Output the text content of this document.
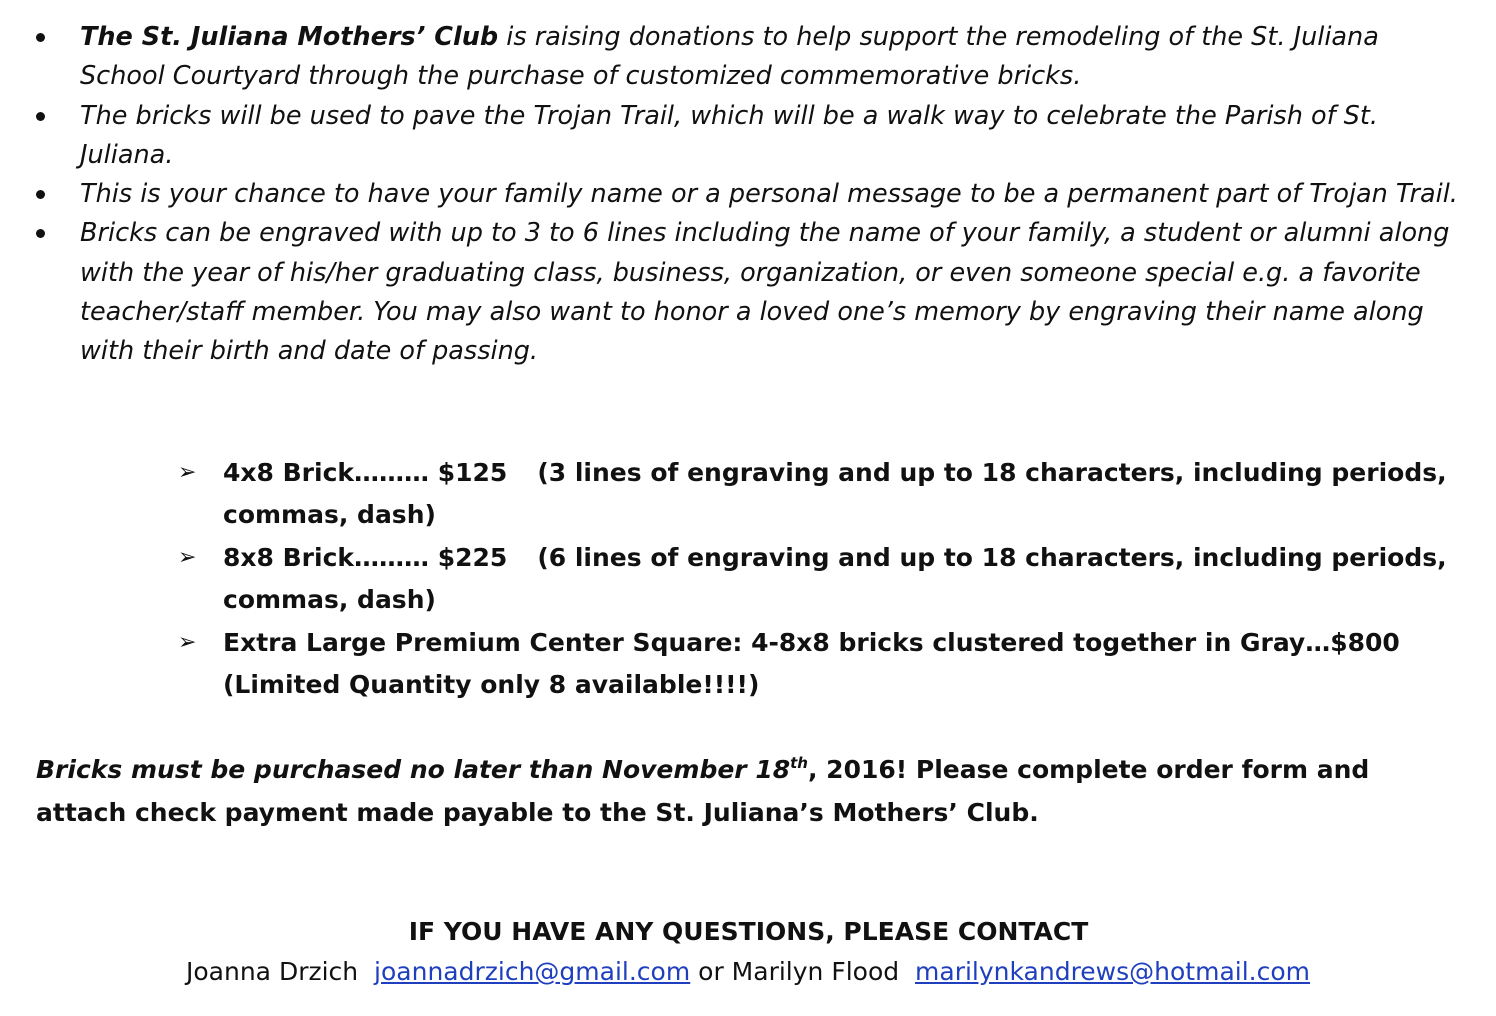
The St. Juliana Mothers’ Club is raising donations to help support the remodeling of the St. Juliana School Courtyard through the purchase of customized commemorative bricks.
The bricks will be used to pave the Trojan Trail, which will be a walk way to celebrate the Parish of St. Juliana.
This is your chance to have your family name or a personal message to be a permanent part of Trojan Trail.
Bricks can be engraved with up to 3 to 6 lines including the name of your family, a student or alumni along with the year of his/her graduating class, business, organization, or even someone special e.g. a favorite teacher/staff member. You may also want to honor a loved one’s memory by engraving their name along with their birth and date of passing.
➢ 4x8 Brick……… $125 (3 lines of engraving and up to 18 characters, including periods, commas, dash)
➢ 8x8 Brick……… $225 (6 lines of engraving and up to 18 characters, including periods, commas, dash)
➢ Extra Large Premium Center Square: 4-8x8 bricks clustered together in Gray…$800
(Limited Quantity only 8 available!!!!)
Bricks must be purchased no later than November 18th, 2016! Please complete order form and attach check payment made payable to the St. Juliana’s Mothers’ Club.
IF YOU HAVE ANY QUESTIONS, PLEASE CONTACT
Joanna Drzich joannadrzich@gmail.com or Marilyn Flood marilynkandrews@hotmail.com
